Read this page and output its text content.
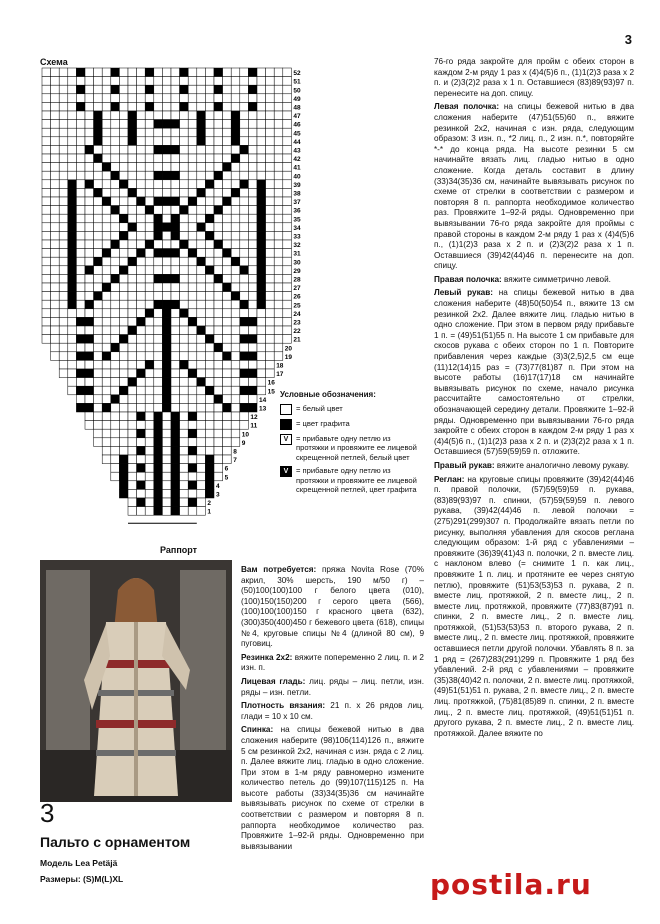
3
Схема
52
51
50
49
48
47
46
45
44
43
42
41
40
39
38
37
36
35
34
33
32
31
30
29
28
27
26
25
24
23
22
21
20
19
18
17
16
15
14
13
12
11
10
9
8
7
6
5
4
3
2
1
Раппорт
Условные обозначения:
= белый цвет
= цвет графита
V	= прибавьте одну петлю из протяжки и провяжите ее лицевой скрещенной петлей, белый цвет
V	= прибавьте одну петлю из протяжки и провяжите ее лицевой скрещенной петлей, цвет графита
3
Пальто с орнаментом
Модель Lea Petäjä
Размеры: (S)M(L)XL

Вам потребуется: пряжа Novita Rose (70% акрил, 30% шерсть, 190 м/50 г) – (50)100(100)100 г белого цвета (010), (100)150(150)200 г серого цвета (566), (100)100(100)150 г красного цвета (632), (300)350(400)450 г бежевого цвета (618), спицы №4, круговые спицы №4 (длиной 80 см), 9 пуговиц.

Резинка 2х2: вяжите попеременно 2 лиц. п. и 2 изн. п.

Лицевая гладь: лиц. ряды – лиц. петли, изн. ряды – изн. петли.

Плотность вязания: 21 п. x 26 рядов лиц. глади = 10 x 10 см.

Спинка: на спицы бежевой нитью в два сложения наберите (98)106(114)126 п., вяжите 5 см резинкой 2х2, начиная с изн. ряда с 2 лиц. п. Далее вяжите лиц. гладью в одно сложение. При этом в 1-м ряду равномерно измените количество петель до (99)107(115)125 п. На высоте работы (33)34(35)36 см начинайте вывязывать рисунок по схеме от стрелки в соответствии с размером и повторяя 8 п. раппорта необходимое количество раз. Провяжите 1–92-й ряды. Одновременно при вывязывании

76-го ряда закройте для пройм с обеих сторон в каждом 2-м ряду 1 раз x (4)4(5)6 п., (1)1(2)3 раза x 2 п. и (2)3(2)2 раза x 1 п. Оставшиеся (83)89(93)97 п. перенесите на доп. спицу.

Левая полочка: на спицы бежевой нитью в два сложения наберите (47)51(55)60 п., вяжите резинкой 2х2, начиная с изн. ряда, следующим образом: 3 изн. п., *2 лиц. п., 2 изн. п.*, повторяйте *-* до конца ряда. На высоте резинки 5 см начинайте вязать лиц. гладью нитью в одно сложение. Когда деталь составит в длину (33)34(35)36 см, начинайте вывязывать рисунок по схеме от стрелки в соответствии с размером и повторяя 8 п. раппорта необходимое количество раз. Провяжите 1–92-й ряды. Одновременно при вывязывании 76-го ряда закройте для проймы с правой стороны в каждом 2-м ряду 1 раз x (4)4(5)6 п., (1)1(2)3 раза x 2 п. и (2)3(2)2 раза x 1 п. Оставшиеся (39)42(44)46 п. перенесите на доп. спицу.

Правая полочка: вяжите симметрично левой.

Левый рукав: на спицы бежевой нитью в два сложения наберите (48)50(50)54 п., вяжите 13 см резинкой 2х2. Далее вяжите лиц. гладью нитью в одно сложение. При этом в первом ряду прибавьте 1 п. = (49)51(51)55 п. На высоте 1 см прибавьте для скосов рукава с обеих сторон по 1 п. Повторите прибавления через каждые (3)3(2,5)2,5 см еще (11)12(14)15 раз = (73)77(81)87 п. При этом на высоте работы (16)17(17)18 см начинайте вывязывать рисунок по схеме, начало рисунка рассчитайте самостоятельно от стрелки, обозначающей середину детали. Провяжите 1–92-й ряды. Одновременно при вывязывании 76-го ряда закройте с обеих сторон в каждом 2-м ряду 1 раз x (4)4(5)6 п., (1)1(2)3 раза x 2 п. и (2)3(2)2 раза x 1 п. Оставшиеся (57)59(59)59 п. отложите.

Правый рукав: вяжите аналогично левому рукаву.

Реглан: на круговые спицы провяжите (39)42(44)46 п. правой полочки, (57)59(59)59 п. рукава, (83)89(93)97 п. спинки, (57)59(59)59 п. левого рукава, (39)42(44)46 п. левой полочки = (275)291(299)307 п. Продолжайте вязать петли по рисунку, выполняя убавления для скосов реглана следующим образом: 1-й ряд с убавлениями – провяжите (36)39(41)43 п. полочки, 2 п. вместе лиц. с наклоном влево (= снимите 1 п. как лиц., провяжите 1 п. лиц. и протяните ее через снятую петлю), провяжите (51)53(53)53 п. рукава, 2 п. вместе лиц. протяжкой, 2 п. вместе лиц., 2 п. вместе лиц. протяжкой, провяжите (77)83(87)91 п. спинки, 2 п. вместе лиц., 2 п. вместе лиц. протяжкой, (51)53(53)53 п. второго рукава, 2 п. вместе лиц., 2 п. вместе лиц. протяжкой, провяжите оставшиеся петли другой полочки. Убавлять 8 п. за 1 ряд = (267)283(291)299 п. Провяжите 1 ряд без убавлений. 2-й ряд с убавлениями – провяжите (35)38(40)42 п. полочки, 2 п. вместе лиц. протяжкой, (49)51(51)51 п. рукава, 2 п. вместе лиц., 2 п. вместе лиц. протяжкой, (75)81(85)89 п. спинки, 2 п. вместе лиц., 2 п. вместе лиц. протяжкой, (49)51(51)51 п. другого рукава, 2 п. вместе лиц., 2 п. вместе лиц. протяжкой. Далее вяжите по

postila.ru
